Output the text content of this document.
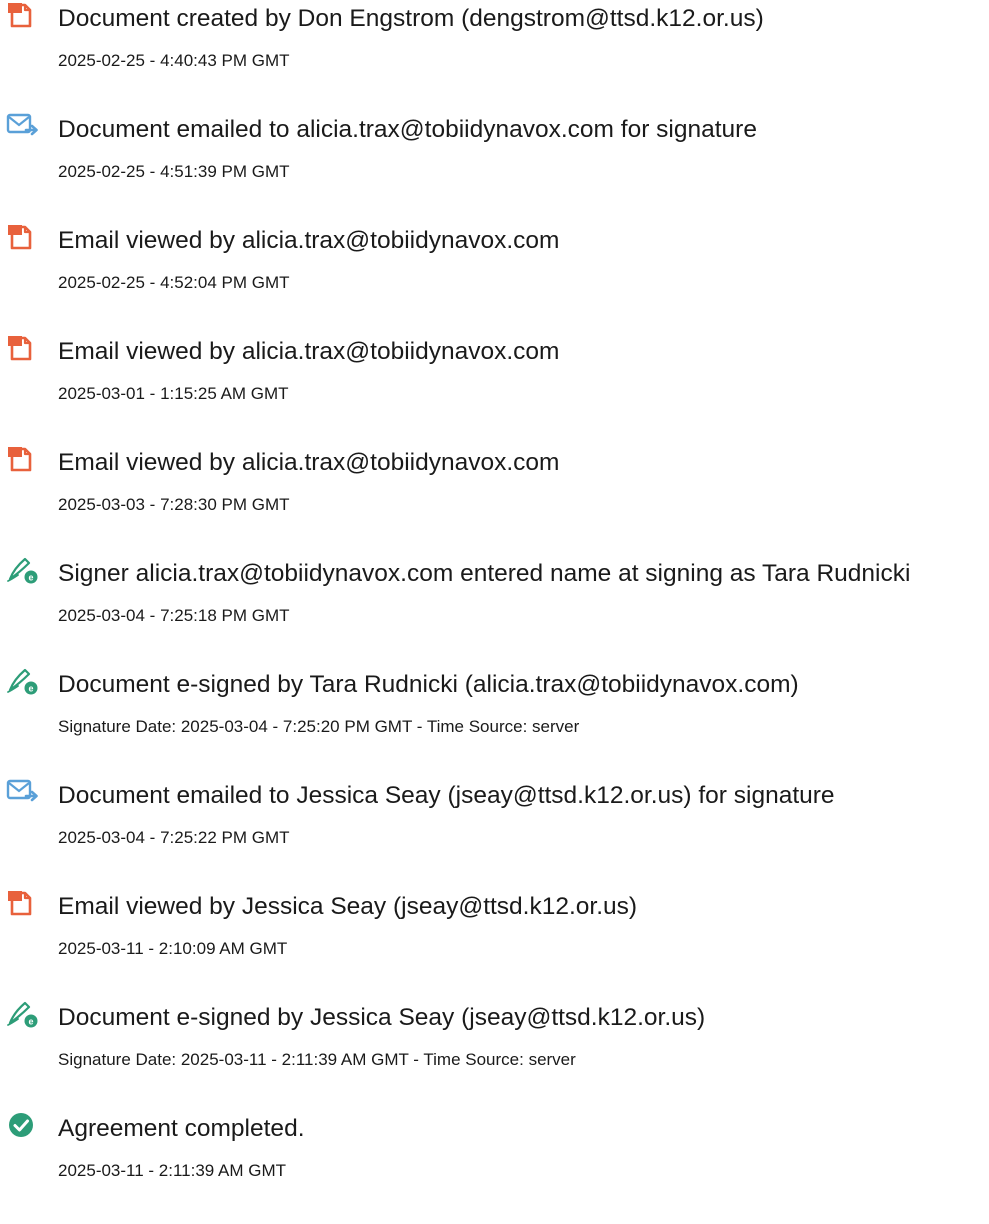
Document created by Don Engstrom (dengstrom@ttsd.k12.or.us)
2025-02-25 - 4:40:43 PM GMT
Document emailed to alicia.trax@tobiidynavox.com for signature
2025-02-25 - 4:51:39 PM GMT
Email viewed by alicia.trax@tobiidynavox.com
2025-02-25 - 4:52:04 PM GMT
Email viewed by alicia.trax@tobiidynavox.com
2025-03-01 - 1:15:25 AM GMT
Email viewed by alicia.trax@tobiidynavox.com
2025-03-03 - 7:28:30 PM GMT
e Signer alicia.trax@tobiidynavox.com entered name at signing as Tara Rudnicki
2025-03-04 - 7:25:18 PM GMT
e Document e-signed by Tara Rudnicki (alicia.trax@tobiidynavox.com)
Signature Date: 2025-03-04 - 7:25:20 PM GMT - Time Source: server
Document emailed to Jessica Seay (jseay@ttsd.k12.or.us) for signature
2025-03-04 - 7:25:22 PM GMT
Email viewed by Jessica Seay (jseay@ttsd.k12.or.us)
2025-03-11 - 2:10:09 AM GMT
e Document e-signed by Jessica Seay (jseay@ttsd.k12.or.us)
Signature Date: 2025-03-11 - 2:11:39 AM GMT - Time Source: server
Agreement completed.
2025-03-11 - 2:11:39 AM GMT
